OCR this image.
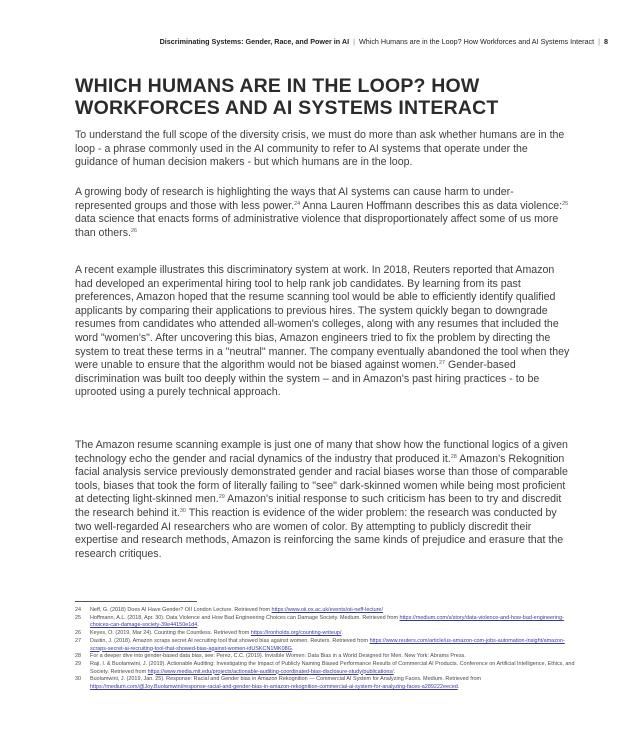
Discriminating Systems: Gender, Race, and Power in AI | Which Humans are in the Loop? How Workforces and AI Systems Interact | 8
WHICH HUMANS ARE IN THE LOOP? HOW WORKFORCES AND AI SYSTEMS INTERACT

To understand the full scope of the diversity crisis, we must do more than ask whether humans are in the loop - a phrase commonly used in the AI community to refer to AI systems that operate under the guidance of human decision makers - but which humans are in the loop.

A growing body of research is highlighting the ways that AI systems can cause harm to under-represented groups and those with less power.$^{24}$ Anna Lauren Hoffmann describes this as data violence:$^{25}$ data science that enacts forms of administrative violence that disproportionately affect some of us more than others.$^{26}$

A recent example illustrates this discriminatory system at work. In 2018, Reuters reported that Amazon had developed an experimental hiring tool to help rank job candidates. By learning from its past preferences, Amazon hoped that the resume scanning tool would be able to efficiently identify qualified applicants by comparing their applications to previous hires. The system quickly began to downgrade resumes from candidates who attended all-women's colleges, along with any resumes that included the word "women's". After uncovering this bias, Amazon engineers tried to fix the problem by directing the system to treat these terms in a "neutral" manner. The company eventually abandoned the tool when they were unable to ensure that the algorithm would not be biased against women.$^{27}$ Gender-based discrimination was built too deeply within the system – and in Amazon's past hiring practices - to be uprooted using a purely technical approach.

The Amazon resume scanning example is just one of many that show how the functional logics of a given technology echo the gender and racial dynamics of the industry that produced it.$^{28}$ Amazon's Rekognition facial analysis service previously demonstrated gender and racial biases worse than those of comparable tools, biases that took the form of literally failing to "see" dark-skinned women while being most proficient at detecting light-skinned men.$^{29}$ Amazon's initial response to such criticism has been to try and discredit the research behind it.$^{30}$ This reaction is evidence of the wider problem: the research was conducted by two well-regarded AI researchers who are women of color. By attempting to publicly discredit their expertise and research methods, Amazon is reinforcing the same kinds of prejudice and erasure that the research critiques.

24	Neff, G. (2018) Does AI Have Gender? OII London Lecture. Retrieved from https://www.oii.ox.ac.uk/events/oii-neff-lecture/
25	Hoffmann, A.L. (2018, Apr. 30). Data Violence and How Bad Engineering Choices can Damage Society. Medium. Retrieved from https://medium.com/s/story/data-violence-and-how-bad-engineering-choices-can-damage-society-39e44150e1d4.
26	Keyes, O. (2019, Mar 24). Counting the Countless. Retrieved from https://ironholds.org/counting-writeup/.
27	Dastin, J. (2018). Amazon scraps secret AI recruiting tool that showed bias against women. Reuters. Retrieved from https://www.reuters.com/article/us-amazon-com-jobs-automation-insight/amazon-scraps-secret-ai-recruiting-tool-that-showed-bias-against-women-idUSKCN1MK08G.
28	For a deeper dive into gender-based data bias, see: Perez, C.C. (2019). Invisible Women: Data Bias in a World Designed for Men. New York: Abrams Press.
29	Raji, I. & Buolamwini, J. (2019). Actionable Auditing: Investigating the Impact of Publicly Naming Biased Performance Results of Commercial AI Products. Conference on Artificial Intelligence, Ethics, and Society. Retrieved from https://www.media.mit.edu/projects/actionable-auditing-coordinated-bias-disclosure-study/publications/.
30	Buolamwini, J. (2019, Jan. 25). Response: Racial and Gender bias in Amazon Rekognition — Commercial AI System for Analyzing Faces. Medium. Retrieved from https://medium.com/@Joy.Buolamwini/response-racial-and-gender-bias-in-amazon-rekognition-commercial-ai-system-for-analyzing-faces-a289222eeced.
